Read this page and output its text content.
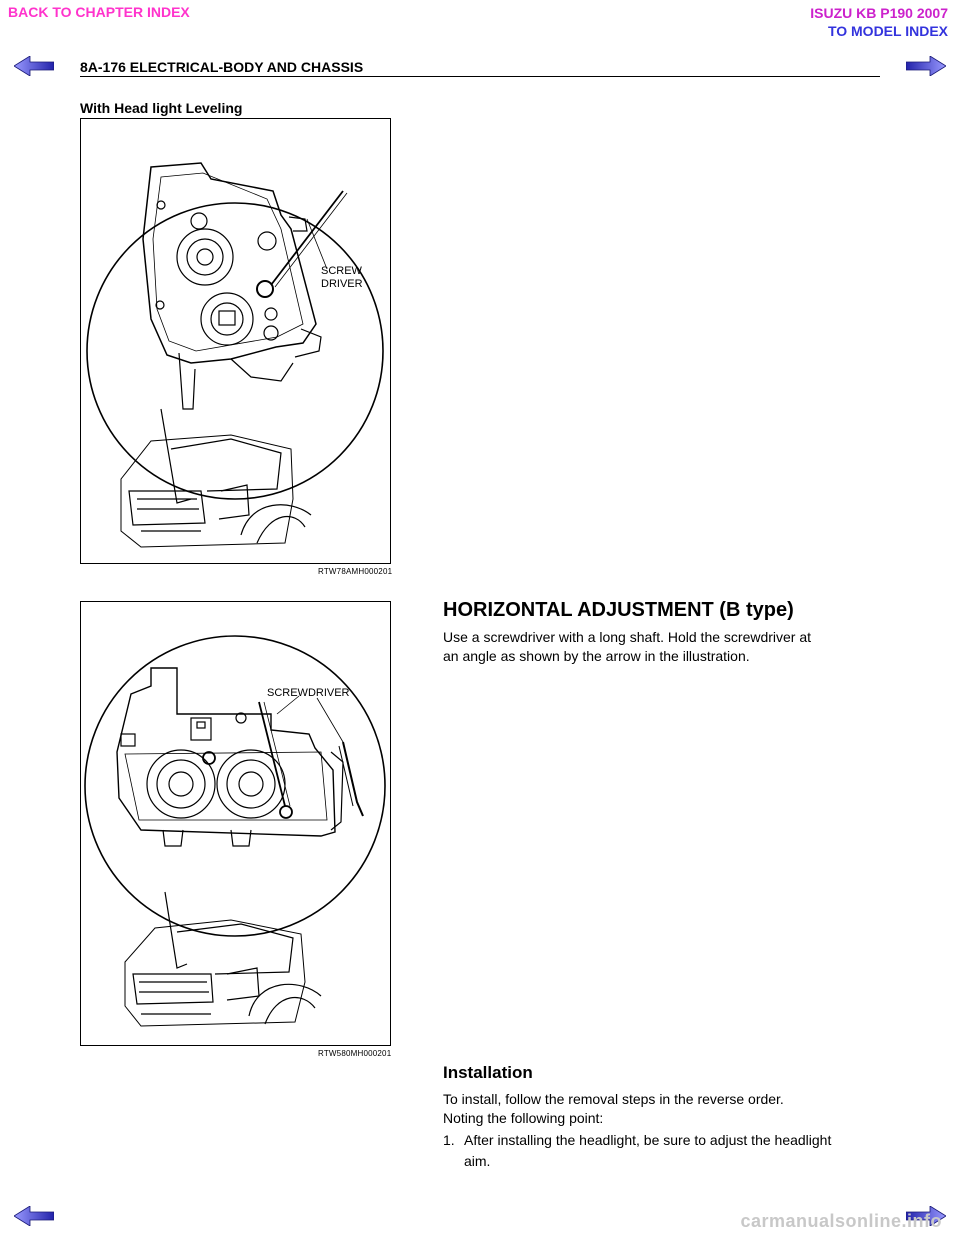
BACK TO CHAPTER INDEX	ISUZU KB P190 2007
TO MODEL INDEX
8A-176 ELECTRICAL-BODY AND CHASSIS
With Head light Leveling
SCREW
DRIVER
RTW78AMH000201
SCREWDRIVER
RTW580MH000201
HORIZONTAL ADJUSTMENT (B type)
Use a screwdriver with a long shaft. Hold the screwdriver at
an angle as shown by the arrow in the illustration.
Installation
To install, follow the removal steps in the reverse order.
Noting the following point:
1. After installing the headlight, be sure to adjust the headlight
aim.
carmanualsonline.info
